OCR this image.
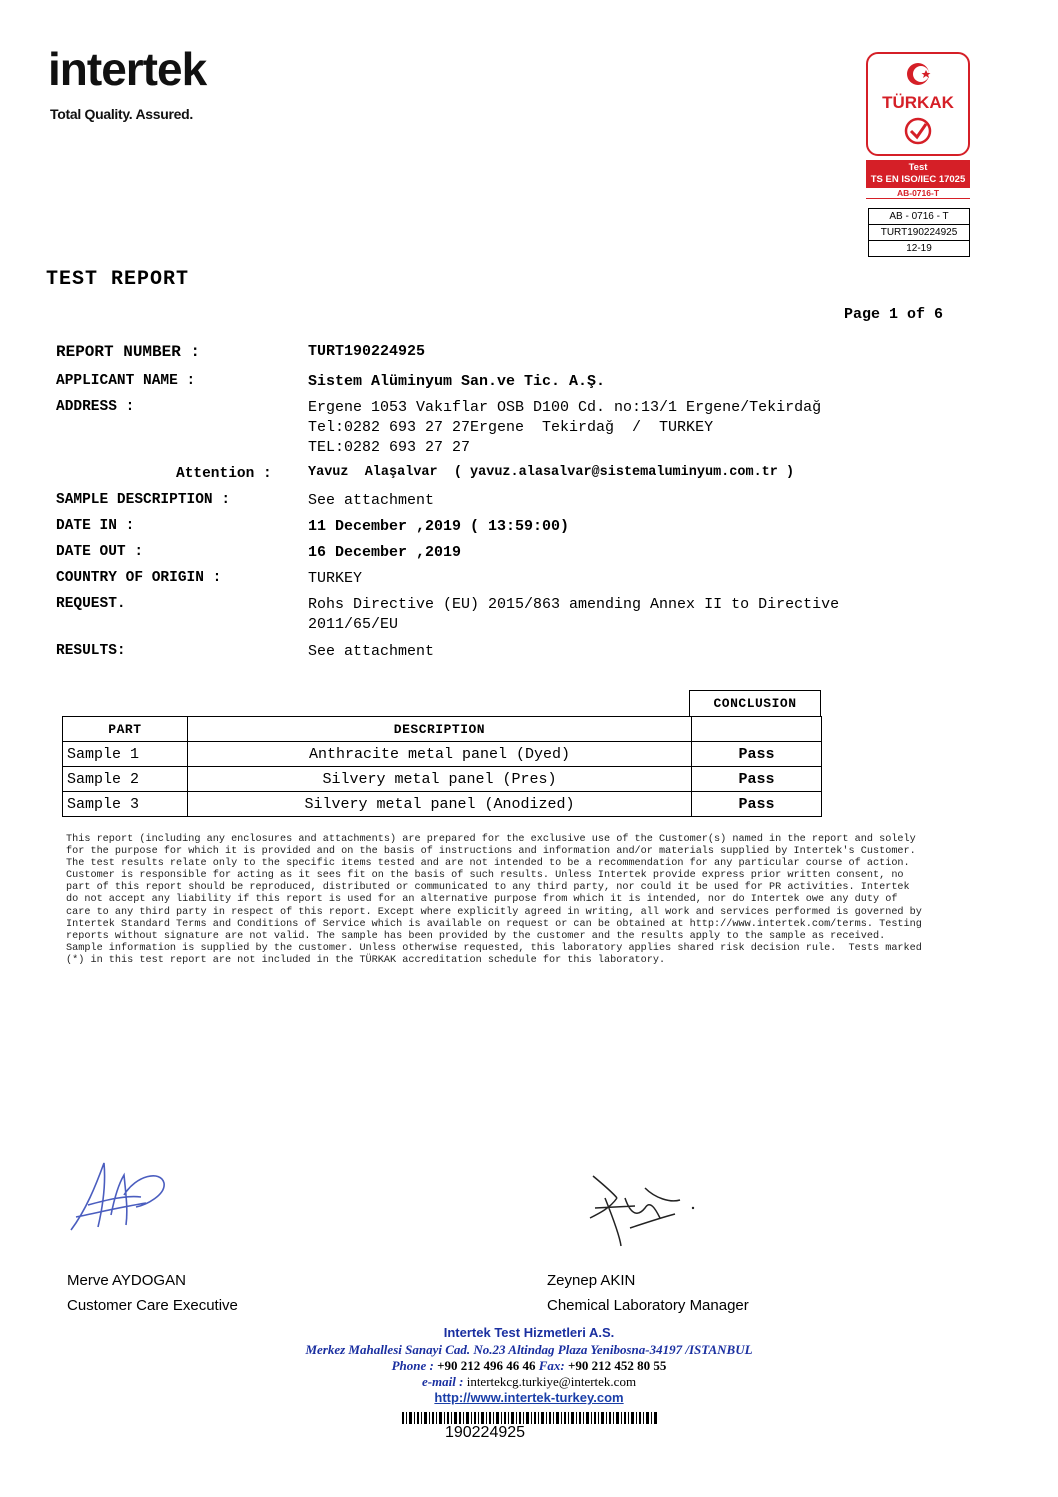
intertek
Total Quality. Assured.
TÜRKAK
Test
TS EN ISO/IEC 17025
AB-0716-T
AB - 0716 - T
TURT190224925
12-19
TEST REPORT
Page 1 of 6
REPORT NUMBER :	TURT190224925
APPLICANT NAME :	Sistem Alüminyum San.ve Tic. A.Ş.
ADDRESS :	Ergene 1053 Vakıflar OSB D100 Cd. no:13/1 Ergene/Tekirdağ
Tel:0282 693 27 27Ergene  Tekirdağ  /  TURKEY
TEL:0282 693 27 27
Attention :	Yavuz  Alaşalvar  ( yavuz.alasalvar@sistemaluminyum.com.tr )
SAMPLE DESCRIPTION :	See attachment
DATE IN :	11 December ,2019 ( 13:59:00)
DATE OUT :	16 December ,2019
COUNTRY OF ORIGIN :	TURKEY
REQUEST.	Rohs Directive (EU) 2015/863 amending Annex II to Directive
2011/65/EU
RESULTS:	See attachment
CONCLUSION
PART	DESCRIPTION	
Sample 1	Anthracite metal panel (Dyed)	Pass
Sample 2	Silvery metal panel (Pres)	Pass
Sample 3	Silvery metal panel (Anodized)	Pass
This report (including any enclosures and attachments) are prepared for the exclusive use of the Customer(s) named in the report and solely
for the purpose for which it is provided and on the basis of instructions and information and/or materials supplied by Intertek's Customer.
The test results relate only to the specific items tested and are not intended to be a recommendation for any particular course of action.
Customer is responsible for acting as it sees fit on the basis of such results. Unless Intertek provide express prior written consent, no
part of this report should be reproduced, distributed or communicated to any third party, nor could it be used for PR activities. Intertek
do not accept any liability if this report is used for an alternative purpose from which it is intended, nor do Intertek owe any duty of
care to any third party in respect of this report. Except where explicitly agreed in writing, all work and services performed is governed by
Intertek Standard Terms and Conditions of Service which is available on request or can be obtained at http://www.intertek.com/terms. Testing
reports without signature are not valid. The sample has been provided by the customer and the results apply to the sample as received.
Sample information is supplied by the customer. Unless otherwise requested, this laboratory applies shared risk decision rule.  Tests marked
(*) in this test report are not included in the TÜRKAK accreditation schedule for this laboratory.
Merve AYDOGAN
Customer Care Executive
Zeynep AKIN
Chemical Laboratory Manager
Intertek Test Hizmetleri A.S.
Merkez Mahallesi Sanayi Cad. No.23 Altindag Plaza Yenibosna-34197 /ISTANBUL
Phone : +90 212 496 46 46 Fax: +90 212 452 80 55
e-mail : intertekcg.turkiye@intertek.com
http://www.intertek-turkey.com
190224925
